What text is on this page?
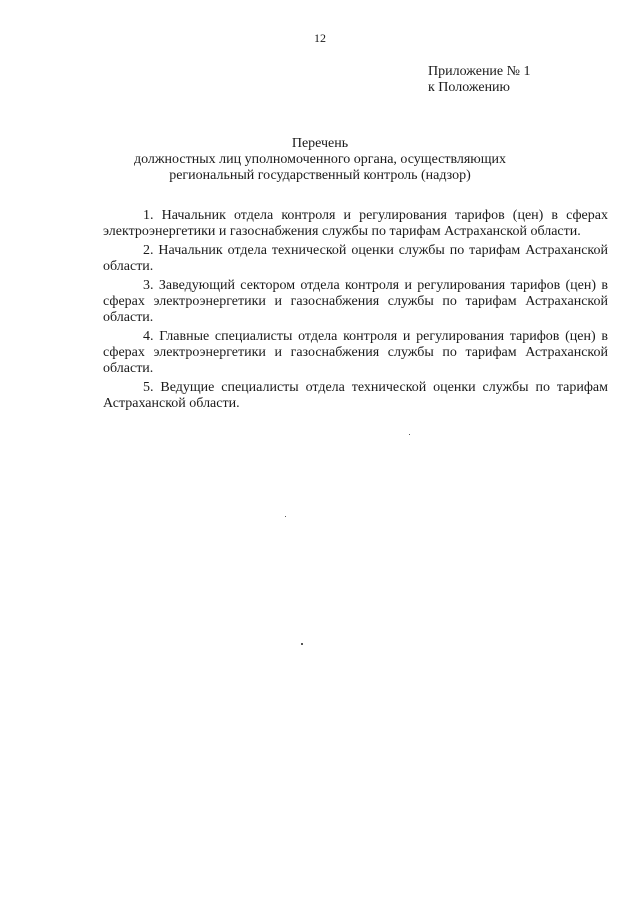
12
Приложение № 1
к Положению
Перечень
должностных лиц уполномоченного органа, осуществляющих
региональный государственный контроль (надзор)

1. Начальник отдела контроля и регулирования тарифов (цен) в сферах электроэнергетики и газоснабжения службы по тарифам Астраханской области.

2. Начальник отдела технической оценки службы по тарифам Астраханской области.

3. Заведующий сектором отдела контроля и регулирования тарифов (цен) в сферах электроэнергетики и газоснабжения службы по тарифам Астраханской области.

4. Главные специалисты отдела контроля и регулирования тарифов (цен) в сферах электроэнергетики и газоснабжения службы по тарифам Астраханской области.

5. Ведущие специалисты отдела технической оценки службы по тарифам Астраханской области.
